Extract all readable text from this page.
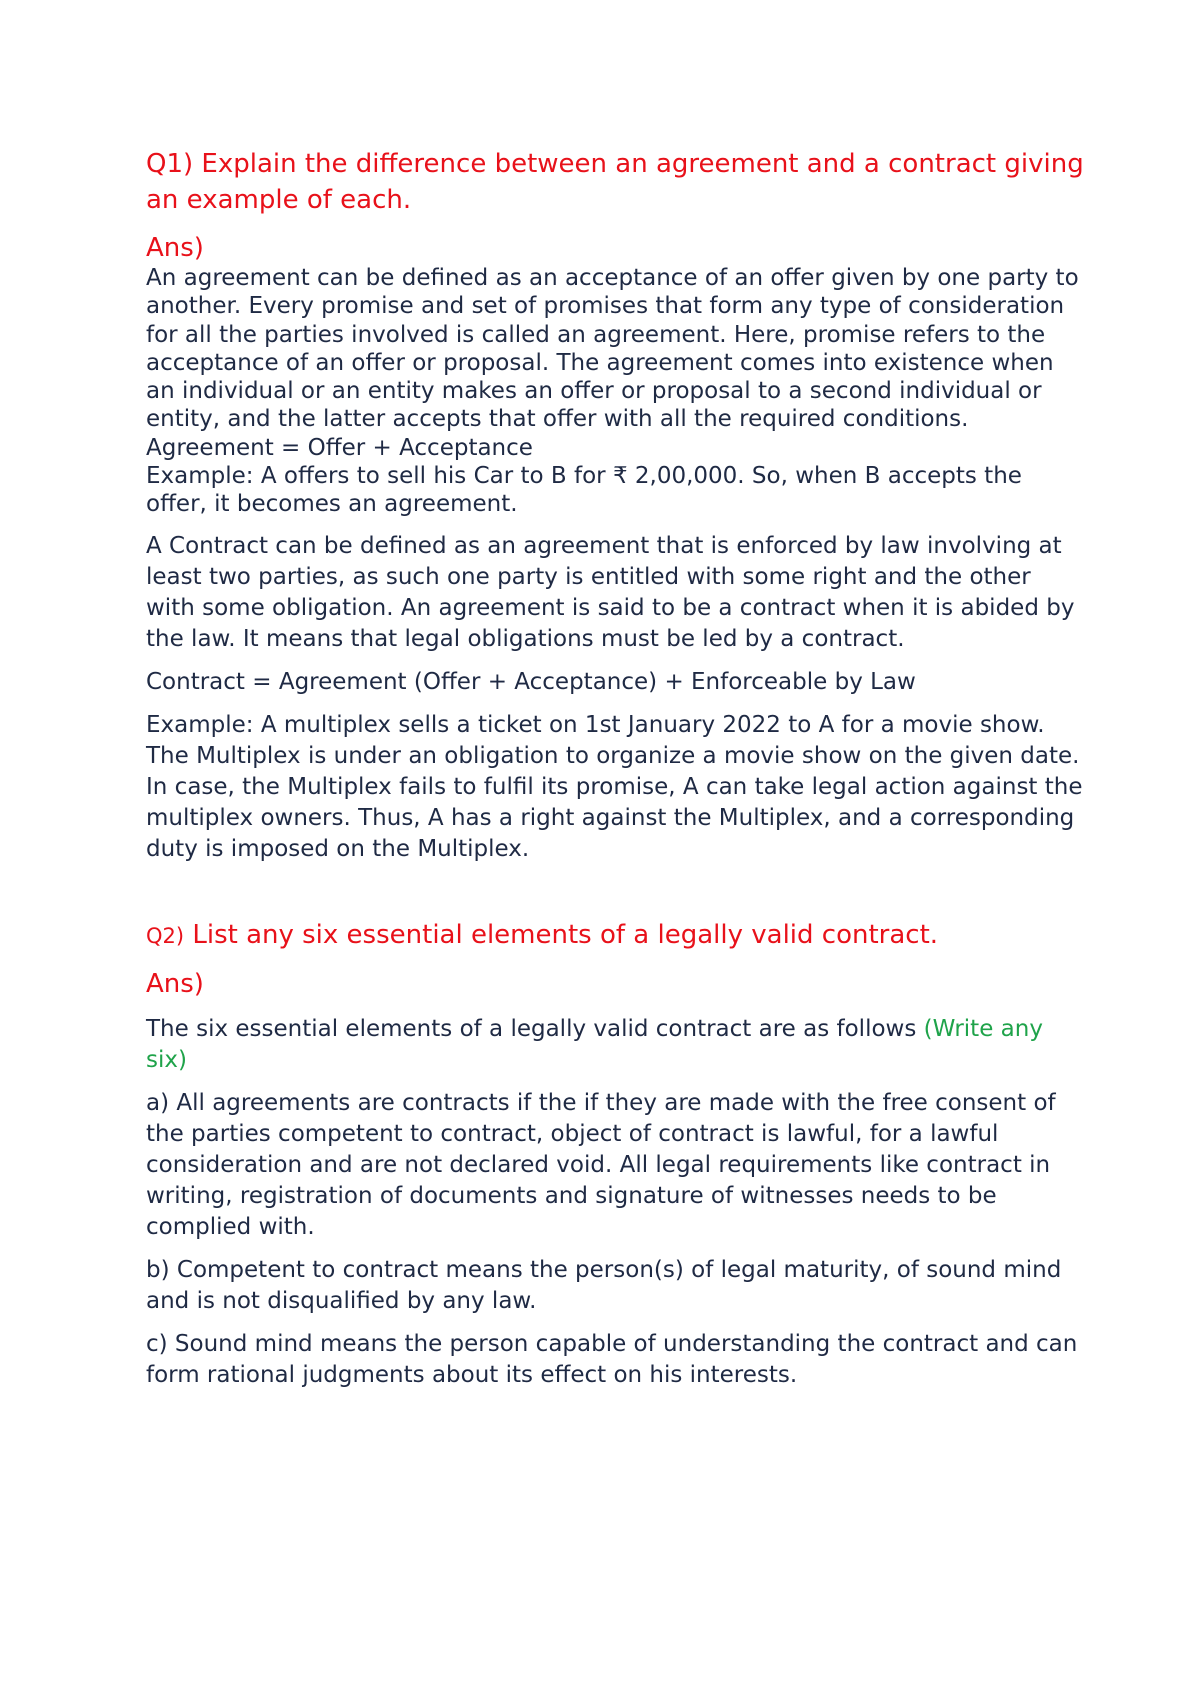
Q1) Explain the difference between an agreement and a contract giving an example of each.
Ans)

An agreement can be defined as an acceptance of an offer given by one party to another. Every promise and set of promises that form any type of consideration for all the parties involved is called an agreement. Here, promise refers to the acceptance of an offer or proposal. The agreement comes into existence when an individual or an entity makes an offer or proposal to a second individual or entity, and the latter accepts that offer with all the required conditions.

Agreement = Offer + Acceptance

Example: A offers to sell his Car to B for ₹ 2,00,000. So, when B accepts the offer, it becomes an agreement.

A Contract can be defined as an agreement that is enforced by law involving at least two parties, as such one party is entitled with some right and the other with some obligation. An agreement is said to be a contract when it is abided by the law. It means that legal obligations must be led by a contract.

Contract = Agreement (Offer + Acceptance) + Enforceable by Law

Example: A multiplex sells a ticket on 1st January 2022 to A for a movie show. The Multiplex is under an obligation to organize a movie show on the given date. In case, the Multiplex fails to fulfil its promise, A can take legal action against the multiplex owners. Thus, A has a right against the Multiplex, and a corresponding duty is imposed on the Multiplex.

Q2) List any six essential elements of a legally valid contract.
Ans)

The six essential elements of a legally valid contract are as follows (Write any six)

a) All agreements are contracts if the if they are made with the free consent of the parties competent to contract, object of contract is lawful, for a lawful consideration and are not declared void. All legal requirements like contract in writing, registration of documents and signature of witnesses needs to be complied with.

b) Competent to contract means the person(s) of legal maturity, of sound mind and is not disqualified by any law.

c) Sound mind means the person capable of understanding the contract and can form rational judgments about its effect on his interests.
